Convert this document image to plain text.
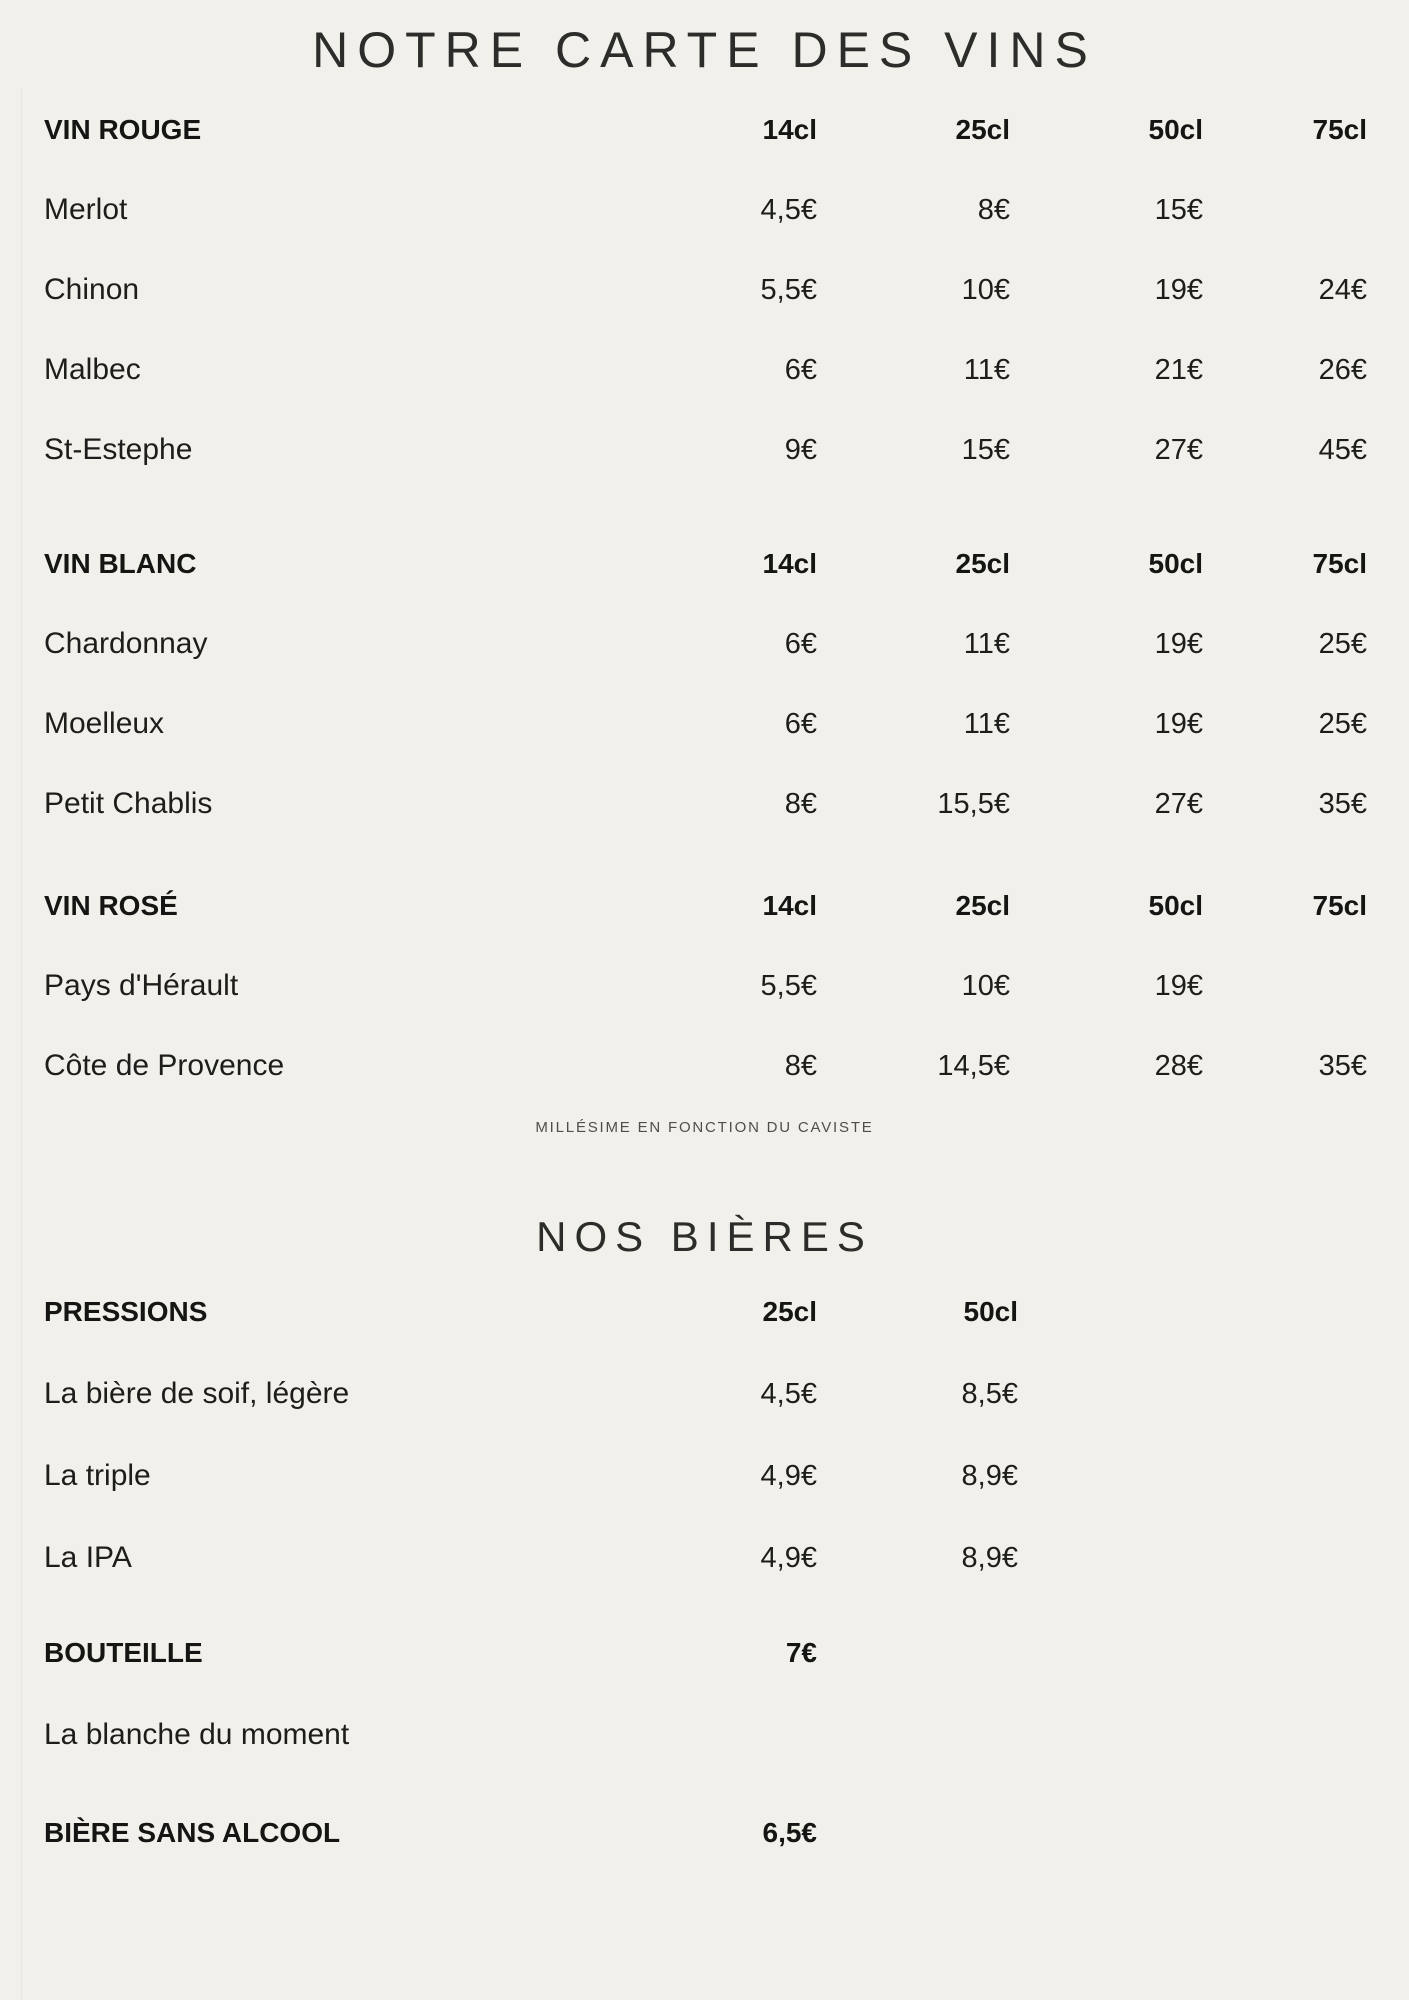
NOTRE CARTE DES VINS
VIN ROUGE	14cl	25cl	50cl	75cl
Merlot	4,5€	8€	15€
Chinon	5,5€	10€	19€	24€
Malbec	6€	11€	21€	26€
St-Estephe	9€	15€	27€	45€
VIN BLANC	14cl	25cl	50cl	75cl
Chardonnay	6€	11€	19€	25€
Moelleux	6€	11€	19€	25€
Petit Chablis	8€	15,5€	27€	35€
VIN ROSÉ	14cl	25cl	50cl	75cl
Pays d'Hérault	5,5€	10€	19€
Côte de Provence	8€	14,5€	28€	35€
MILLÉSIME EN FONCTION DU CAVISTE
NOS BIÈRES
PRESSIONS	25cl	50cl
La bière de soif, légère	4,5€	8,5€
La triple	4,9€	8,9€
La IPA	4,9€	8,9€
BOUTEILLE	7€
La blanche du moment
BIÈRE SANS ALCOOL	6,5€
